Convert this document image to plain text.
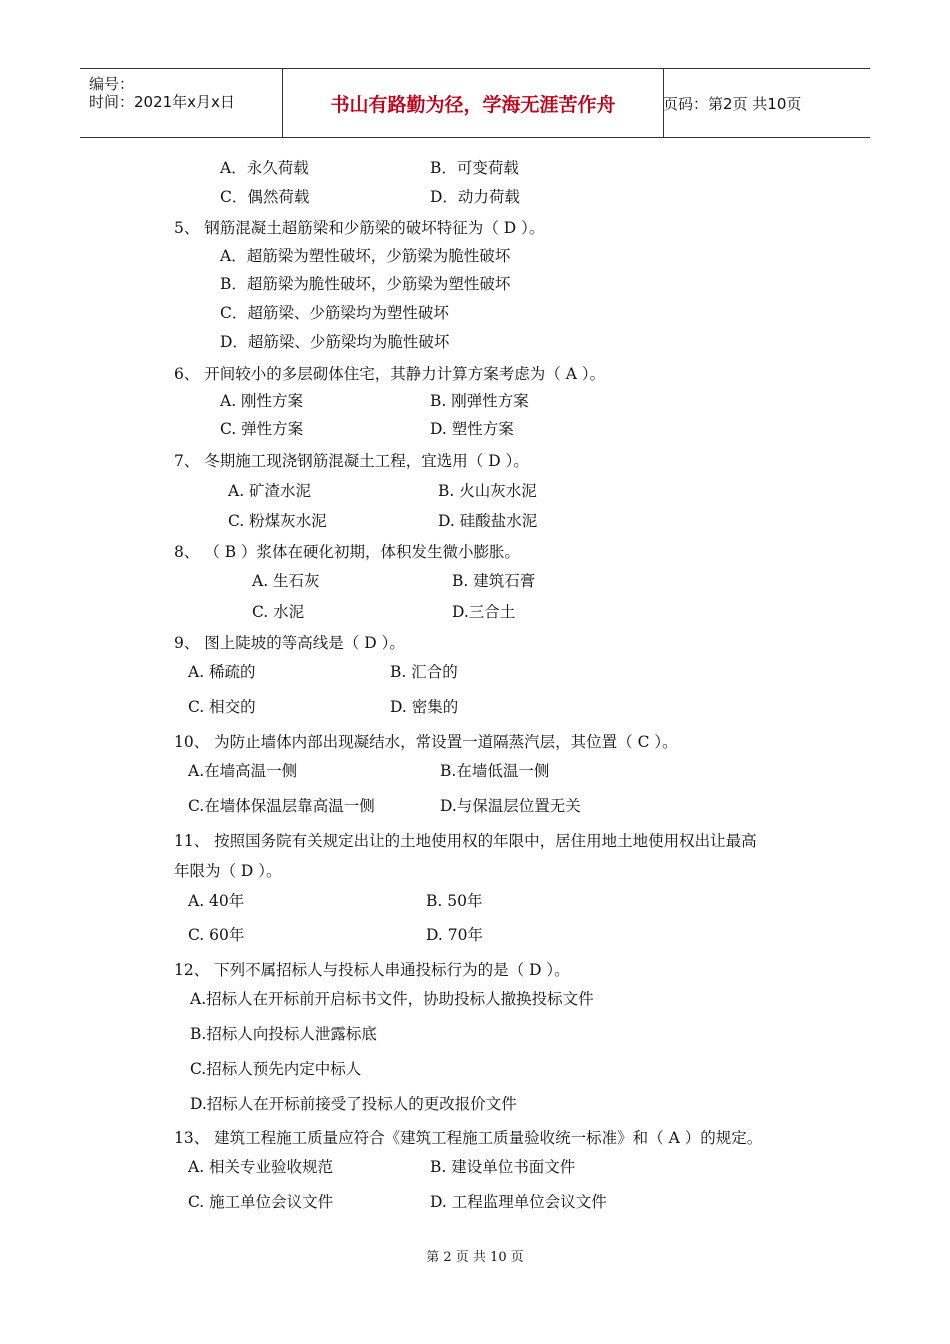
编号：
时间：2021年x月x日	书山有路勤为径，学海无涯苦作舟	页码：第2页 共10页
A．永久荷载	B．可变荷载
C．偶然荷载	D．动力荷载
5、 钢筋混凝土超筋梁和少筋梁的破坏特征为（ D ）。
A．超筋梁为塑性破坏，少筋梁为脆性破坏
B．超筋梁为脆性破坏，少筋梁为塑性破坏
C．超筋梁、少筋梁均为塑性破坏
D．超筋梁、少筋梁均为脆性破坏
6、 开间较小的多层砌体住宅，其静力计算方案考虑为（ A ）。
A. 刚性方案	B. 刚弹性方案
C. 弹性方案	D. 塑性方案
7、 冬期施工现浇钢筋混凝土工程，宜选用（ D ）。
A. 矿渣水泥	B. 火山灰水泥
C. 粉煤灰水泥	D. 硅酸盐水泥
8、 （ B ）浆体在硬化初期，体积发生微小膨胀。
A. 生石灰	B. 建筑石膏
C. 水泥	D.三合土
9、 图上陡坡的等高线是（ D ）。
A. 稀疏的	B. 汇合的
C. 相交的	D. 密集的
10、 为防止墙体内部出现凝结水，常设置一道隔蒸汽层，其位置（ C ）。
A.在墙高温一侧	B.在墙低温一侧
C.在墙体保温层靠高温一侧	D.与保温层位置无关
11、 按照国务院有关规定出让的土地使用权的年限中，居住用地土地使用权出让最高
年限为（ D ）。
A. 40年	B. 50年
C. 60年	D. 70年
12、 下列不属招标人与投标人串通投标行为的是（ D ）。
A.招标人在开标前开启标书文件，协助投标人撤换投标文件
B.招标人向投标人泄露标底
C.招标人预先内定中标人
D.招标人在开标前接受了投标人的更改报价文件
13、 建筑工程施工质量应符合《建筑工程施工质量验收统一标准》和（ A ）的规定。
A. 相关专业验收规范	B. 建设单位书面文件
C. 施工单位会议文件	D. 工程监理单位会议文件
第 2 页 共 10 页
